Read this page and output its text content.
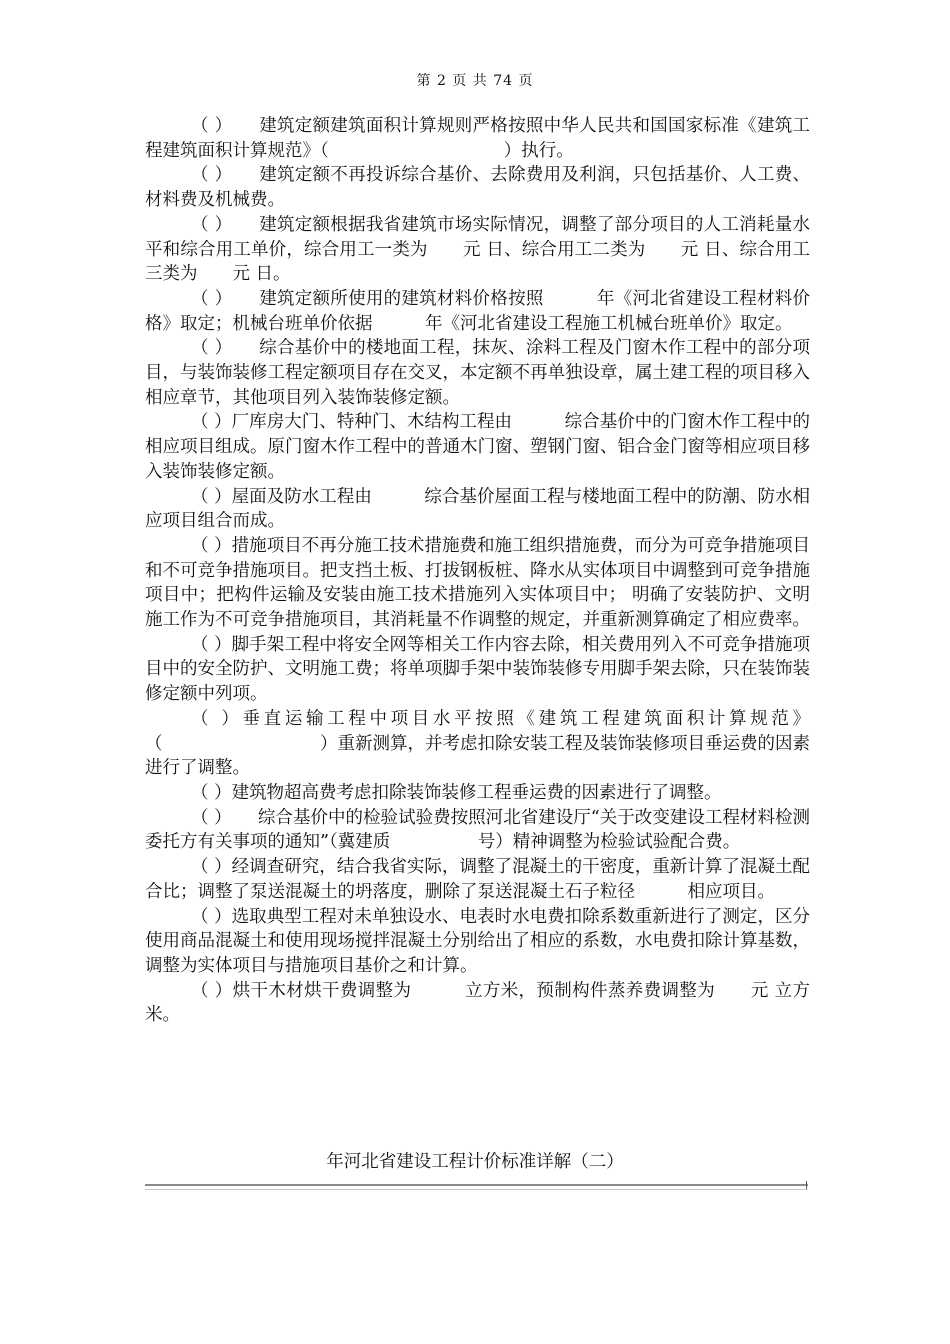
第 2 页 共 74 页

（ ）　　建筑定额建筑面积计算规则严格按照中华人民共和国国家标准《建筑工程建筑面积计算规范》（　　　　　　　　　　）执行。

（ ）　　建筑定额不再投诉综合基价、去除费用及利润，只包括基价、人工费、材料费及机械费。

（ ）　　建筑定额根据我省建筑市场实际情况，调整了部分项目的人工消耗量水平和综合用工单价，综合用工一类为　　元 日、综合用工二类为　　元 日、综合用工三类为　　元 日。

（ ）　　建筑定额所使用的建筑材料价格按照　　　年《河北省建设工程材料价格》取定；机械台班单价依据　　　年《河北省建设工程施工机械台班单价》取定。

（ ）　　综合基价中的楼地面工程，抹灰、涂料工程及门窗木作工程中的部分项目，与装饰装修工程定额项目存在交叉，本定额不再单独设章，属土建工程的项目移入相应章节，其他项目列入装饰装修定额。

（ ）厂库房大门、特种门、木结构工程由　　　综合基价中的门窗木作工程中的相应项目组成。原门窗木作工程中的普通木门窗、塑钢门窗、铝合金门窗等相应项目移入装饰装修定额。

（ ）屋面及防水工程由　　　综合基价屋面工程与楼地面工程中的防潮、防水相应项目组合而成。

（ ）措施项目不再分施工技术措施费和施工组织措施费，而分为可竞争措施项目和不可竞争措施项目。把支挡土板、打拔钢板桩、降水从实体项目中调整到可竞争措施项目中；把构件运输及安装由施工技术措施列入实体项目中； 明确了安装防护、文明施工作为不可竞争措施项目，其消耗量不作调整的规定，并重新测算确定了相应费率。

（ ）脚手架工程中将安全网等相关工作内容去除，相关费用列入不可竞争措施项目中的安全防护、文明施工费；将单项脚手架中装饰装修专用脚手架去除，只在装饰装修定额中列项。

（ ）垂直运输工程中项目水平按照《建筑工程建筑面积计算规范》（　　　　　　　　　）重新测算，并考虑扣除安装工程及装饰装修项目垂运费的因素进行了调整。

（ ）建筑物超高费考虑扣除装饰装修工程垂运费的因素进行了调整。

（ ）　　综合基价中的检验试验费按照河北省建设厅“关于改变建设工程材料检测委托方有关事项的通知”（冀建质　　　　　号）精神调整为检验试验配合费。

（ ）经调查研究，结合我省实际，调整了混凝土的干密度，重新计算了混凝土配合比；调整了泵送混凝土的坍落度，删除了泵送混凝土石子粒径　　　相应项目。

（ ）选取典型工程对未单独设水、电表时水电费扣除系数重新进行了测定，区分使用商品混凝土和使用现场搅拌混凝土分别给出了相应的系数，水电费扣除计算基数，调整为实体项目与措施项目基价之和计算。

（ ）烘干木材烘干费调整为　　　立方米，预制构件蒸养费调整为　　元 立方米。

年河北省建设工程计价标准详解（二）
